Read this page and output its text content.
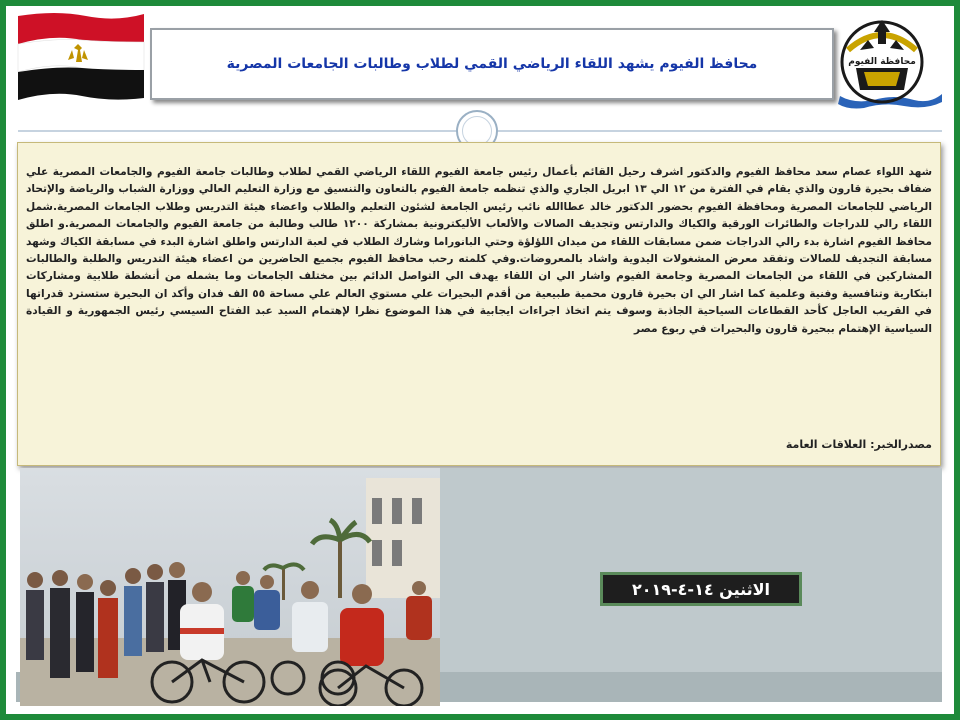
محافظة الفيوم
محافظ الفيوم يشهد اللقاء الرياضي القمي لطلاب وطالبات الجامعات المصرية
شهد اللواء عصام سعد محافظ الفيوم والدكتور اشرف رحيل القائم بأعمال رئيس جامعة الفيوم اللقاء الرياضي القمي لطلاب وطالبات جامعة الفيوم والجامعات المصرية علي ضفاف بحيرة قارون والذي يقام في الفترة من ١٢ الي ١٣ ابريل الجاري والذي تنظمه جامعة الفيوم بالتعاون والتنسيق مع وزارة التعليم العالي ووزارة الشباب والرياضة والإتحاد الرياضي للجامعات المصرية ومحافظة الفيوم بحضور الدكتور خالد عطاالله نائب رئيس الجامعة لشئون التعليم والطلاب واعضاء هيئة التدريس وطلاب الجامعات المصرية.شمل اللقاء رالي للدراجات والطائرات الورقية والكياك والدارتس وتجديف الصالات والألعاب الأليكترونية بمشاركة ١٢٠٠ طالب وطالبة من جامعة الفيوم والجامعات المصرية.و اطلق محافظ الفيوم اشارة بدء رالي الدراجات ضمن مسابقات اللقاء من ميدان اللؤلؤة وحتي البانوراما وشارك الطلاب في لعبة الدارتس واطلق اشارة البدء في مسابقة الكياك وشهد مسابقة التجديف للصالات وتفقد معرض المشغولات اليدوية واشاد بالمعروضات.وفي كلمته رحب محافظ الفيوم بجميع الحاضرين من اعضاء هيئة التدريس والطلبة والطالبات المشاركين في اللقاء من الجامعات المصرية وجامعة الفيوم واشار الي ان اللقاء يهدف الي التواصل الدائم بين مختلف الجامعات وما يشمله من أنشطة طلابية ومشاركات ابتكارية وتنافسية وفنية وعلمية كما اشار الي ان بحيرة قارون محمية طبيعية من أقدم البحيرات علي مستوي العالم علي مساحة ٥٥ الف فدان وأكد ان البحيرة ستسترد قدراتها في القريب العاجل كأحد القطاعات السياحية الجاذبة وسوف يتم اتخاذ اجراءات ايجابية في هذا الموضوع نظرا لإهتمام السيد عبد الفتاح السيسي رئيس الجمهورية و القيادة السياسية الإهتمام ببحيرة قارون والبحيرات في ربوع مصر
مصدرالخبر: العلاقات العامة
الاثنين ١٤-٤-٢٠١٩
